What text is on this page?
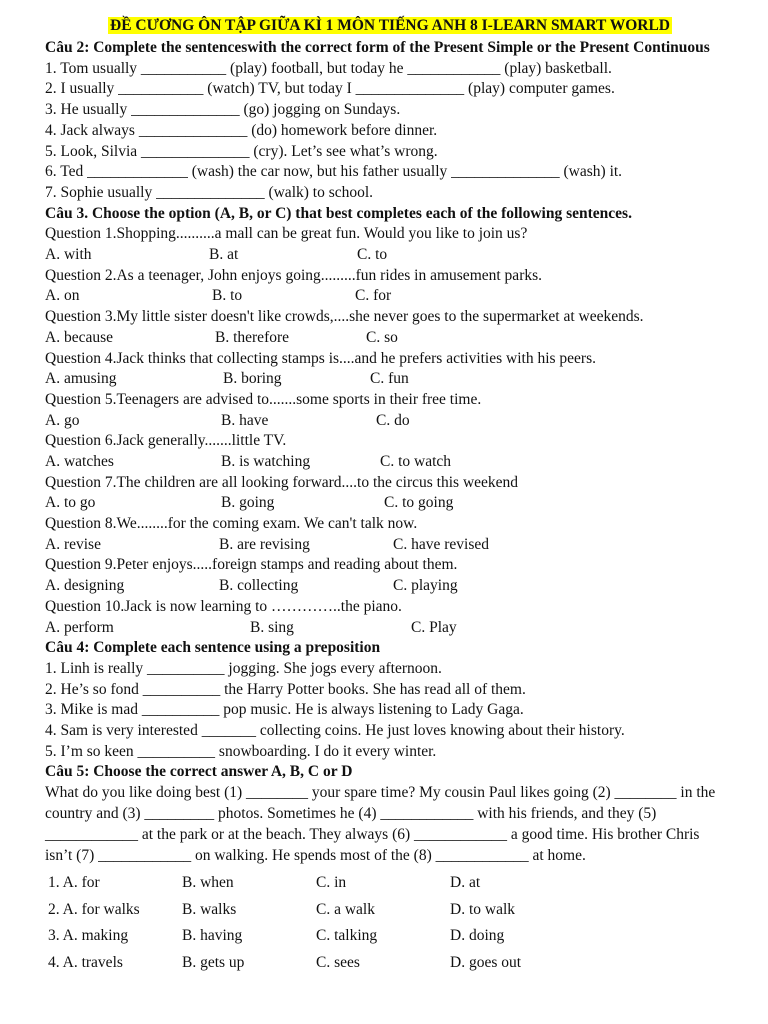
ĐỀ CƯƠNG ÔN TẬP GIỮA KÌ 1 MÔN TIẾNG ANH 8 I-LEARN SMART WORLD
Câu 2: Complete the sentenceswith the correct form of the Present Simple or the Present Continuous
1. Tom usually ___________ (play) football, but today he ____________ (play) basketball.
2. I usually ___________ (watch) TV, but today I ______________ (play) computer games.
3. He usually ______________ (go) jogging on Sundays.
4. Jack always ______________ (do) homework before dinner.
5. Look, Silvia ______________ (cry). Let’s see what’s wrong.
6. Ted _____________ (wash) the car now, but his father usually ______________ (wash) it.
7. Sophie usually ______________ (walk) to school.
Câu 3. Choose the option (A, B, or C) that best completes each of the following sentences.
Question 1.Shopping..........a mall can be great fun. Would you like to join us?
A. with	B. at	C. to
Question 2.As a teenager, John enjoys going.........fun rides in amusement parks.
A. on	B. to	C. for
Question 3.My little sister doesn't like crowds,....she never goes to the supermarket at weekends.
A. because	B. therefore	C. so
Question 4.Jack thinks that collecting stamps is....and he prefers activities with his peers.
A. amusing	B. boring	C. fun
Question 5.Teenagers are advised to.......some sports in their free time.
A. go	B. have	C. do
Question 6.Jack generally.......little TV.
A. watches	B. is watching	C. to watch
Question 7.The children are all looking forward....to the circus this weekend
A. to go	B. going	C. to going
Question 8.We........for the coming exam. We can't talk now.
A. revise	B. are revising	C. have revised
Question 9.Peter enjoys.....foreign stamps and reading about them.
A. designing	B. collecting	C. playing
Question 10.Jack is now learning to …………..the piano.
A. perform	B. sing	C. Play
Câu 4: Complete each sentence using a preposition
1. Linh is really __________ jogging. She jogs every afternoon.
2. He’s so fond __________ the Harry Potter books. She has read all of them.
3. Mike is mad __________ pop music. He is always listening to Lady Gaga.
4. Sam is very interested _______ collecting coins. He just loves knowing about their history.
5. I’m so keen __________ snowboarding. I do it every winter.
Câu 5: Choose the correct answer A, B, C or D
What do you like doing best (1) ________ your spare time? My cousin Paul likes going (2) ________ in the country and (3) _________ photos. Sometimes he (4) ____________ with his friends, and they (5) ____________ at the park or at the beach. They always (6) ____________ a good time. His brother Chris isn’t (7) ____________ on walking. He spends most of the (8) ____________ at home.
1. A. for	B. when	C. in	D. at
2. A. for walks	B. walks	C. a walk	D. to walk
3. A. making	B. having	C. talking	D. doing
4. A. travels	B. gets up	C. sees	D. goes out
